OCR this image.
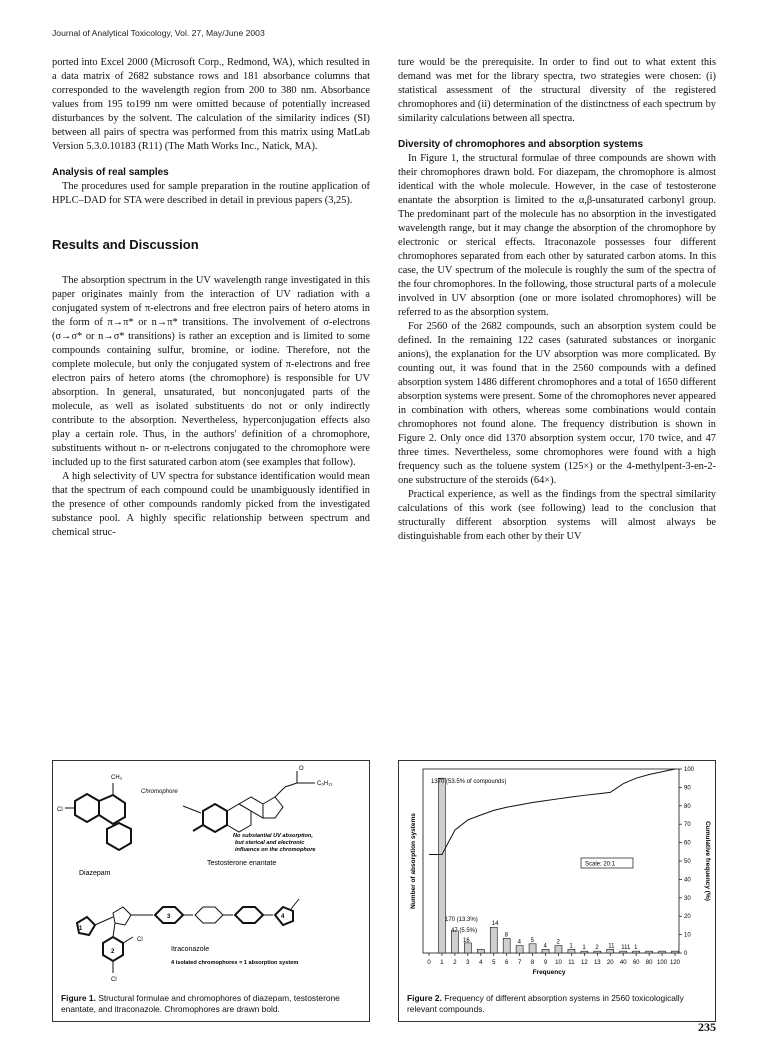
Journal of Analytical Toxicology, Vol. 27, May/June 2003

ported into Excel 2000 (Microsoft Corp., Redmond, WA), which resulted in a data matrix of 2682 substance rows and 181 absorbance columns that corresponded to the wavelength region from 200 to 380 nm. Absorbance values from 195 to199 nm were omitted because of potentially increased disturbances by the solvent. The calculation of the similarity indices (SI) between all pairs of spectra was performed from this matrix using MatLab Version 5.3.0.10183 (R11) (The Math Works Inc., Natick, MA).

Analysis of real samples

The procedures used for sample preparation in the routine application of HPLC–DAD for STA were described in detail in previous papers (3,25).

Results and Discussion

The absorption spectrum in the UV wavelength range investigated in this paper originates mainly from the interaction of UV radiation with a conjugated system of π-electrons and free electron pairs of hetero atoms in the form of π→π* or n→π* transitions. The involvement of σ-electrons (σ→σ* or n→σ* transitions) is rather an exception and is limited to some compounds containing sulfur, bromine, or iodine. Therefore, not the complete molecule, but only the conjugated system of π-electrons and free electron pairs of hetero atoms (the chromophore) is responsible for UV absorption. In general, unsaturated, but nonconjugated parts of the molecule, as well as isolated substituents do not or only indirectly contribute to the absorption. Nevertheless, hyperconjugation effects also play a certain role. Thus, in the authors' definition of a chromophore, substituents without n- or π-electrons conjugated to the chromophore were included up to the first saturated carbon atom (see examples that follow).

A high selectivity of UV spectra for substance identification would mean that the spectrum of each compound could be unambiguously identified in the presence of other compounds randomly picked from the investigated substance pool. A highly specific relationship between spectrum and chemical struc-

ture would be the prerequisite. In order to find out to what extent this demand was met for the library spectra, two strategies were chosen: (i) statistical assessment of the structural diversity of the registered chromophores and (ii) determination of the distinctness of each spectrum by similarity calculations between all spectra.

Diversity of chromophores and absorption systems

In Figure 1, the structural formulae of three compounds are shown with their chromophores drawn bold. For diazepam, the chromophore is almost identical with the whole molecule. However, in the case of testosterone enantate the absorption is limited to the α,β-unsaturated carbonyl group. The predominant part of the molecule has no absorption in the investigated wavelength range, but it may change the absorption of the chromophore by electronic or sterical effects. Itraconazole possesses four different chromophores separated from each other by saturated carbon atoms. In this case, the UV spectrum of the molecule is roughly the sum of the spectra of the four chromophores. In the following, those structural parts of a molecule involved in UV absorption (one or more isolated chromophores) will be referred to as the absorption system.

For 2560 of the 2682 compounds, such an absorption system could be defined. In the remaining 122 cases (saturated substances or inorganic anions), the explanation for the UV absorption was more complicated. By counting out, it was found that in the 2560 compounds with a defined absorption system 1486 different chromophores and a total of 1650 different absorption systems were present. Some of the chromophores never appeared in combination with others, whereas some combinations would contain chromophores not found alone. The frequency distribution is shown in Figure 2. Only once did 1370 absorption system occur, 170 twice, and 47 three times. Nevertheless, some chromophores were found with a high frequency such as the toluene system (125×) or the 4-methylpent-3-en-2-one substructure of the steroids (64×).

Practical experience, as well as the findings from the spectral similarity calculations of this work (see following) lead to the conclusion that structurally different absorption systems will almost always be distinguishable from each other by their UV

CH₃
Cl
O
C₆H₁₃
Chromophore
No substantial UV absorption,
but sterical and electronic
influence on the chromophore
Diazepam
Testosterone enantate
1
2
3	4
Cl
Cl
Itraconazole
4 isolated chromophores = 1 absorption system
Figure 1. Structural formulae and chromophores of diazepam, testosterone enantate, and itraconazole. Chromophores are drawn bold.
14
8
4 5
4
2
1 1 2 11 111 1
0
10
20
30
40
50
60
70
80
90
100
0 1 2 3 4 5 6 7 8 9 10 11 12 13 20 40 60 80 100 120
1370 (53.5% of compounds)
170 (13.3%)
47 (5.5%)
16
Scale: 20:1
Frequency
Number of absorption systems	Cumulative frequency (%)
Figure 2. Frequency of different absorption systems in 2560 toxicologically relevant compounds.
235
